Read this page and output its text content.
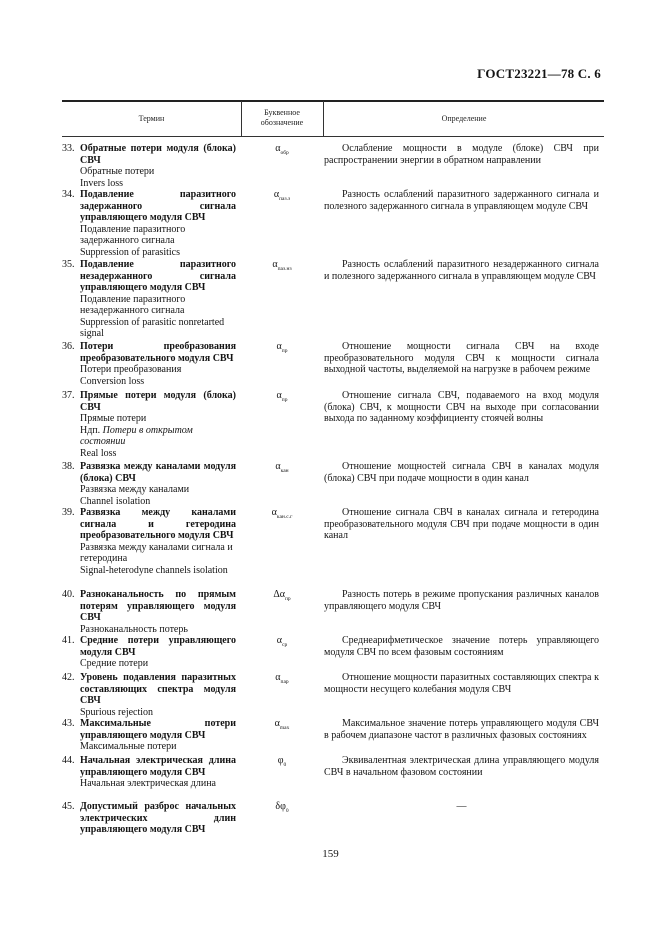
ГОСТ23221—78 С. 6
Термин
Буквенное обозначение	Определение
33. Обратные потери модуля (блока) СВЧ
Обратные потери
Invers loss
$\alpha_{обр}$	Ослабление мощности в модуле (блоке) СВЧ при распространении энергии в обратном направлении
34. Подавление паразитного задержанного сигнала управляющего модуля СВЧ
Подавление паразитного задержанного сигнала
Suppression of parasitics
$\alpha_{паз.з}$	Разность ослаблений паразитного задержанного сигнала и полезного задержанного сигнала в управляющем модуле СВЧ
35. Подавление паразитного незадержанного сигнала управляющего модуля СВЧ
Подавление паразитного незадержанного сигнала
Suppression of parasitic nonretarted signal
$\alpha_{паз.нз}$	Разность ослаблений паразитного незадержанного сигнала и полезного задержанного сигнала в управляющем модуле СВЧ
36. Потери преобразования преобразовательного модуля СВЧ
Потери преобразования
Conversion loss
$\alpha_{пр}$	Отношение мощности сигнала СВЧ на входе преобразовательного модуля СВЧ к мощности сигнала выходной частоты, выделяемой на нагрузке в рабочем режиме
37. Прямые потери модуля (блока) СВЧ
Прямые потери
Ндп. Потери в открытом состоянии
Real loss
$\alpha_{пр}$	Отношение сигнала СВЧ, подаваемого на вход модуля (блока) СВЧ, к мощности СВЧ на выходе при согласовании выхода по заданному коэффициенту стоячей волны
38. Развязка между каналами модуля (блока) СВЧ
Развязка между каналами
Channel isolation
$\alpha_{кан}$	Отношение мощностей сигнала СВЧ в каналах модуля (блока) СВЧ при подаче мощности в один канал
39. Развязка между каналами сигнала и гетеродина преобразовательного модуля СВЧ
Развязка между каналами сигнала и гетеродина
Signal-heterodyne channels isolation
$\alpha_{кан.с.г}$	Отношение сигнала СВЧ в каналах сигнала и гетеродина преобразовательного модуля СВЧ при подаче мощности в один канал
40. Разноканальность по прямым потерям управляющего модуля СВЧ
Разноканальность потерь
$\Delta\alpha_{пр}$	Разность потерь в режиме пропускания различных каналов управляющего модуля СВЧ
41. Средние потери управляющего модуля СВЧ
Средние потери
$\alpha_{ср}$	Среднеарифметическое значение потерь управляющего модуля СВЧ по всем фазовым состояниям
42. Уровень подавления паразитных составляющих спектра модуля СВЧ
Spurious rejection
$\alpha_{пар}$	Отношение мощности паразитных составляющих спектра к мощности несущего колебания модуля СВЧ
43. Максимальные потери управляющего модуля СВЧ
Максимальные потери
$\alpha_{max}$	Максимальное значение потерь управляющего модуля СВЧ в рабочем диапазоне частот в различных фазовых состояниях
44. Начальная электрическая длина управляющего модуля СВЧ
Начальная электрическая длина
$\varphi_0$	Эквивалентная электрическая длина управляющего модуля СВЧ в начальном фазовом состоянии
45. Допустимый разброс начальных электрических длин управляющего модуля СВЧ
$\delta\varphi_0$	—
159
